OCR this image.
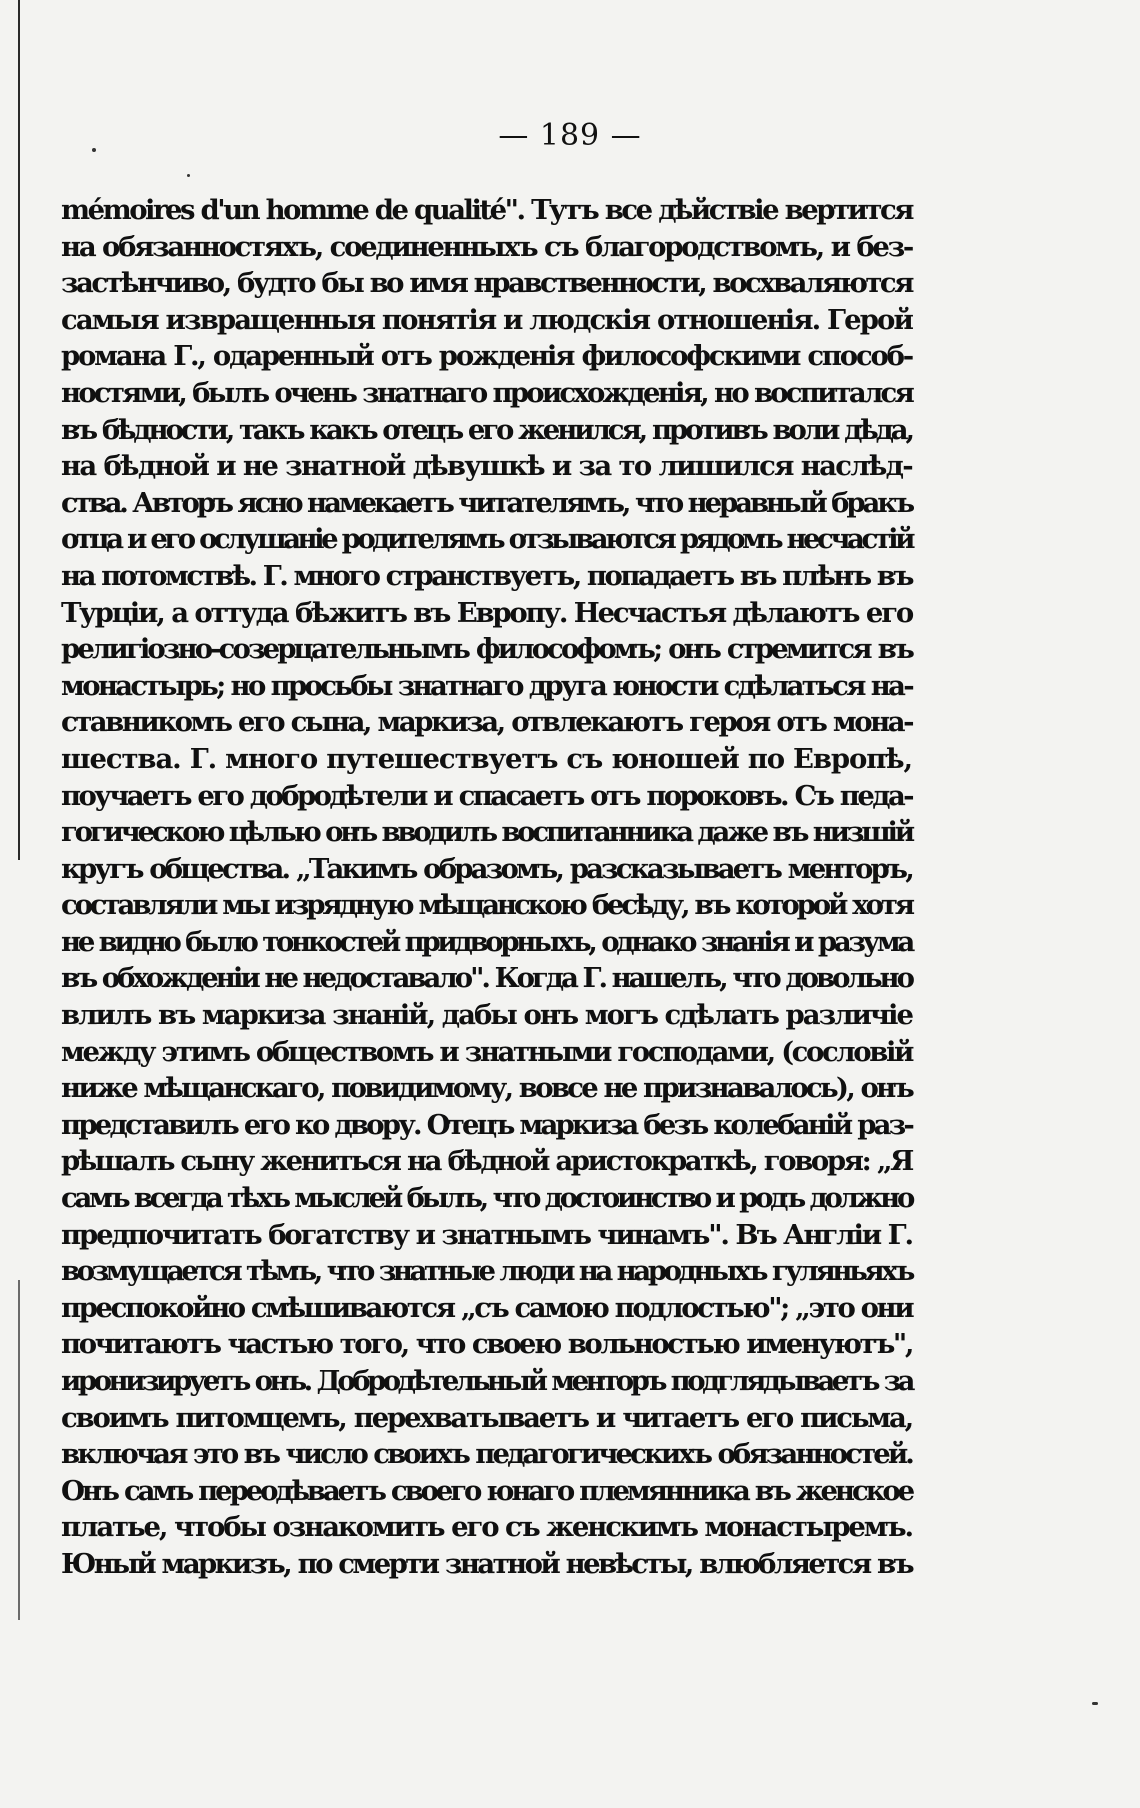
— 189 —
mémoires d'un homme de qualité". Тутъ все дѣйствіе вертится
на обязанностяхъ, соединенныхъ съ благородствомъ, и без-
застѣнчиво, будто бы во имя нравственности, восхваляются
самыя извращенныя понятія и людскія отношенія. Герой
романа Г., одаренный отъ рожденія философскими способ-
ностями, былъ очень знатнаго происхожденія, но воспитался
въ бѣдности, такъ какъ отецъ его женился, противъ воли дѣда,
на бѣдной и не знатной дѣвушкѣ и за то лишился наслѣд-
ства. Авторъ ясно намекаетъ читателямъ, что неравный бракъ
отца и его ослушаніе родителямъ отзываются рядомъ несчастій
на потомствѣ. Г. много странствуетъ, попадаетъ въ плѣнъ въ
Турціи, а оттуда бѣжитъ въ Европу. Несчастья дѣлаютъ его
религіозно-созерцательнымъ философомъ; онъ стремится въ
монастырь; но просьбы знатнаго друга юности сдѣлаться на-
ставникомъ его сына, маркиза, отвлекаютъ героя отъ мона-
шества. Г. много путешествуетъ съ юношей по Европѣ,
поучаетъ его добродѣтели и спасаетъ отъ пороковъ. Съ педа-
гогическою цѣлью онъ вводилъ воспитанника даже въ низшій
кругъ общества. „Такимъ образомъ, разсказываетъ менторъ,
составляли мы изрядную мѣщанскою бесѣду, въ которой хотя
не видно было тонкостей придворныхъ, однако знанія и разума
въ обхожденіи не недоставало". Когда Г. нашелъ, что довольно
влилъ въ маркиза знаній, дабы онъ могъ сдѣлать различіе
между этимъ обществомъ и знатными господами, (сословій
ниже мѣщанскаго, повидимому, вовсе не признавалось), онъ
представилъ его ко двору. Отецъ маркиза безъ колебаній раз-
рѣшалъ сыну жениться на бѣдной аристократкѣ, говоря: „Я
самъ всегда тѣхъ мыслей былъ, что достоинство и родъ должно
предпочитать богатству и знатнымъ чинамъ". Въ Англіи Г.
возмущается тѣмъ, что знатные люди на народныхъ гуляньяхъ
преспокойно смѣшиваются „съ самою подлостью"; „это они
почитаютъ частью того, что своею вольностью именуютъ",
иронизируетъ онъ. Добродѣтельный менторъ подглядываетъ за
своимъ питомцемъ, перехватываетъ и читаетъ его письма,
включая это въ число своихъ педагогическихъ обязанностей.
Онъ самъ переодѣваетъ своего юнаго племянника въ женское
платье, чтобы ознакомить его съ женскимъ монастыремъ.
Юный маркизъ, по смерти знатной невѣсты, влюбляется въ
